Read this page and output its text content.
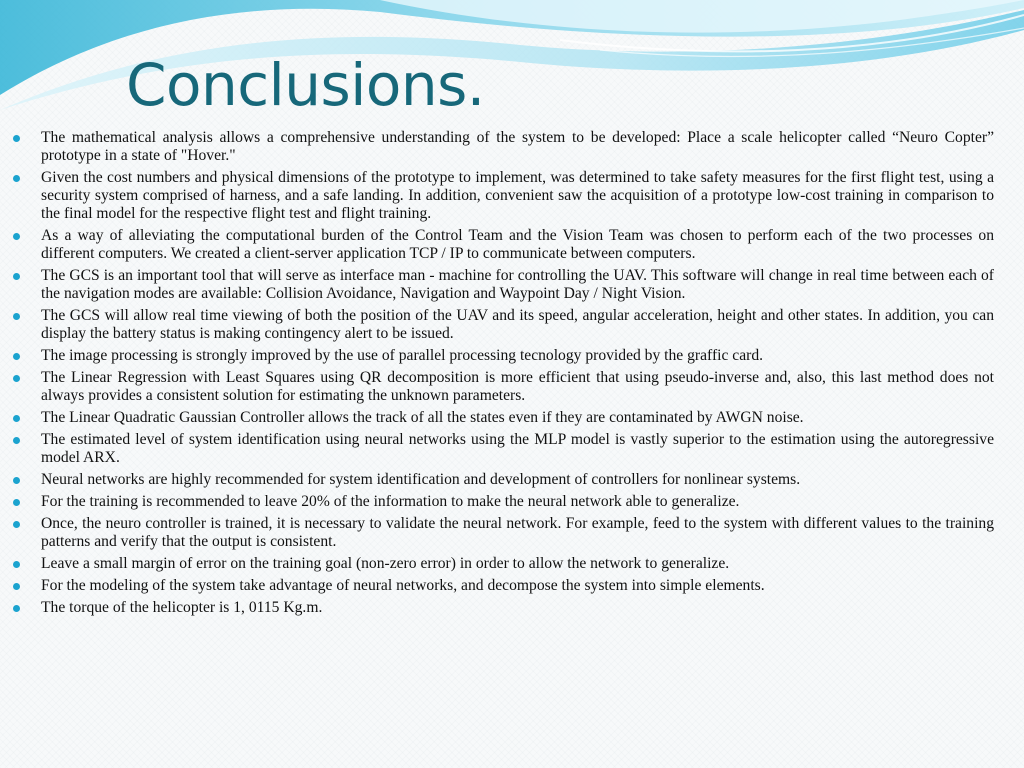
Conclusions.
The mathematical analysis allows a comprehensive understanding of the system to be developed: Place a scale helicopter called “Neuro Copter” prototype in a state of "Hover."
Given the cost numbers and physical dimensions of the prototype to implement, was determined to take safety measures for the first flight test, using a security system comprised of harness, and a safe landing. In addition, convenient saw the acquisition of a prototype low-cost training in comparison to the final model for the respective flight test and flight training.
As a way of alleviating the computational burden of the Control Team and the Vision Team was chosen to perform each of the two processes on different computers. We created a client-server application TCP / IP to communicate between computers.
The GCS is an important tool that will serve as interface man - machine for controlling the UAV. This software will change in real time between each of the navigation modes are available: Collision Avoidance, Navigation and Waypoint Day / Night Vision.
The GCS will allow real time viewing of both the position of the UAV and its speed, angular acceleration, height and other states. In addition, you can display the battery status is making contingency alert to be issued.
The image processing is strongly improved by the use of parallel processing tecnology provided by the graffic card.
The Linear Regression with Least Squares using QR decomposition is more efficient that using pseudo-inverse and, also, this last method does not always provides a consistent solution for estimating the unknown parameters.
The Linear Quadratic Gaussian Controller allows the track of all the states even if they are contaminated by AWGN noise.
The estimated level of system identification using neural networks using the MLP model is vastly superior to the estimation using the autoregressive model ARX.
Neural networks are highly recommended for system identification and development of controllers for nonlinear systems.
For the training is recommended to leave 20% of the information to make the neural network able to generalize.
Once, the neuro controller is trained, it is necessary to validate the neural network. For example, feed to the system with different values to the training patterns and verify that the output is consistent.
Leave a small margin of error on the training goal (non-zero error) in order to allow the network to generalize.
For the modeling of the system take advantage of neural networks, and decompose the system into simple elements.
The torque of the helicopter is 1, 0115 Kg.m.
